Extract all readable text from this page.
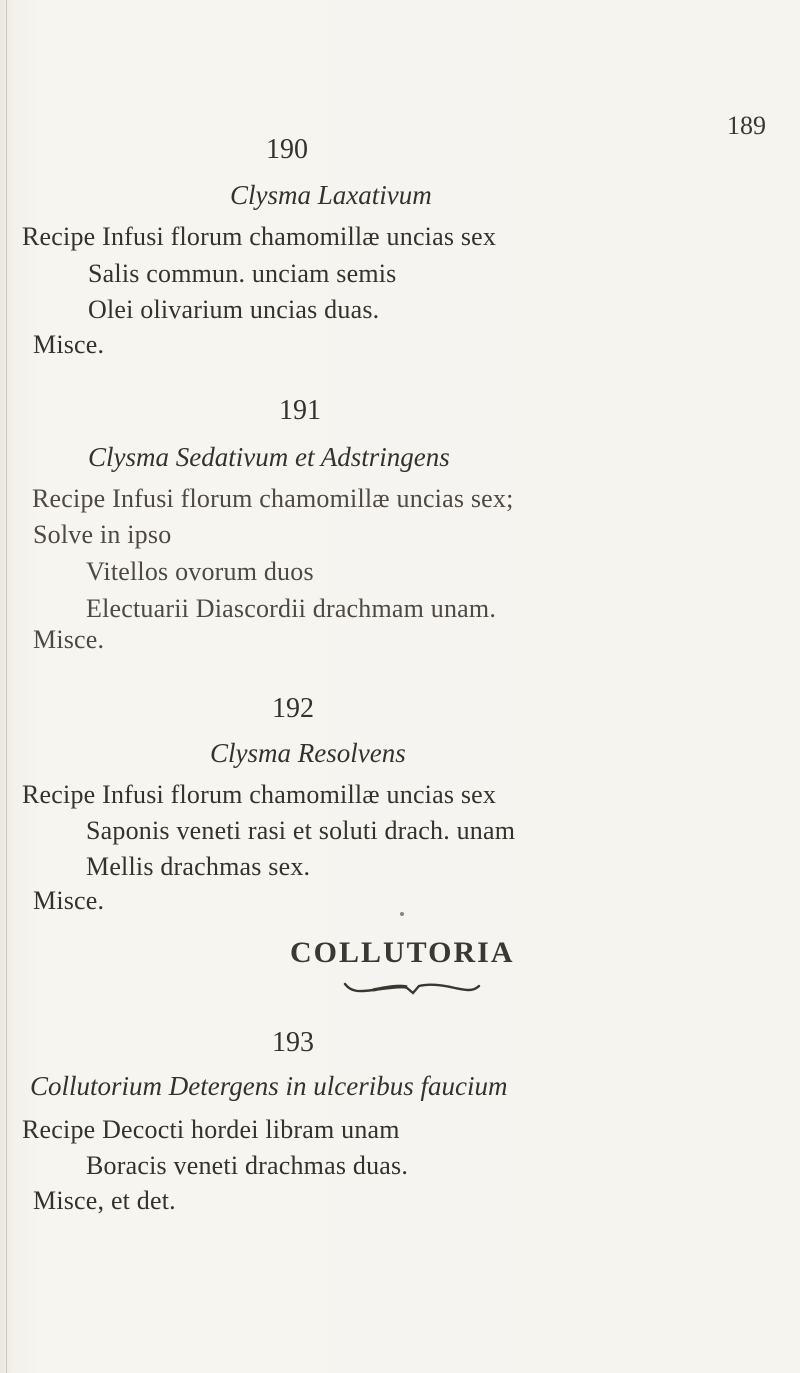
189
190
Clysma Laxativum
Recipe Infusi florum chamomillæ uncias sex
Salis commun. unciam semis
Olei olivarium uncias duas.
Misce.
191
Clysma Sedativum et Adstringens
Recipe Infusi florum chamomillæ uncias sex;
Solve in ipso
Vitellos ovorum duos
Electuarii Diascordii drachmam unam.
Misce.
192
Clysma Resolvens
Recipe Infusi florum chamomillæ uncias sex
Saponis veneti rasi et soluti drach. unam
Mellis drachmas sex.
Misce.
COLLUTORIA
193
Collutorium Detergens in ulceribus faucium
Recipe Decocti hordei libram unam
Boracis veneti drachmas duas.
Misce, et det.
